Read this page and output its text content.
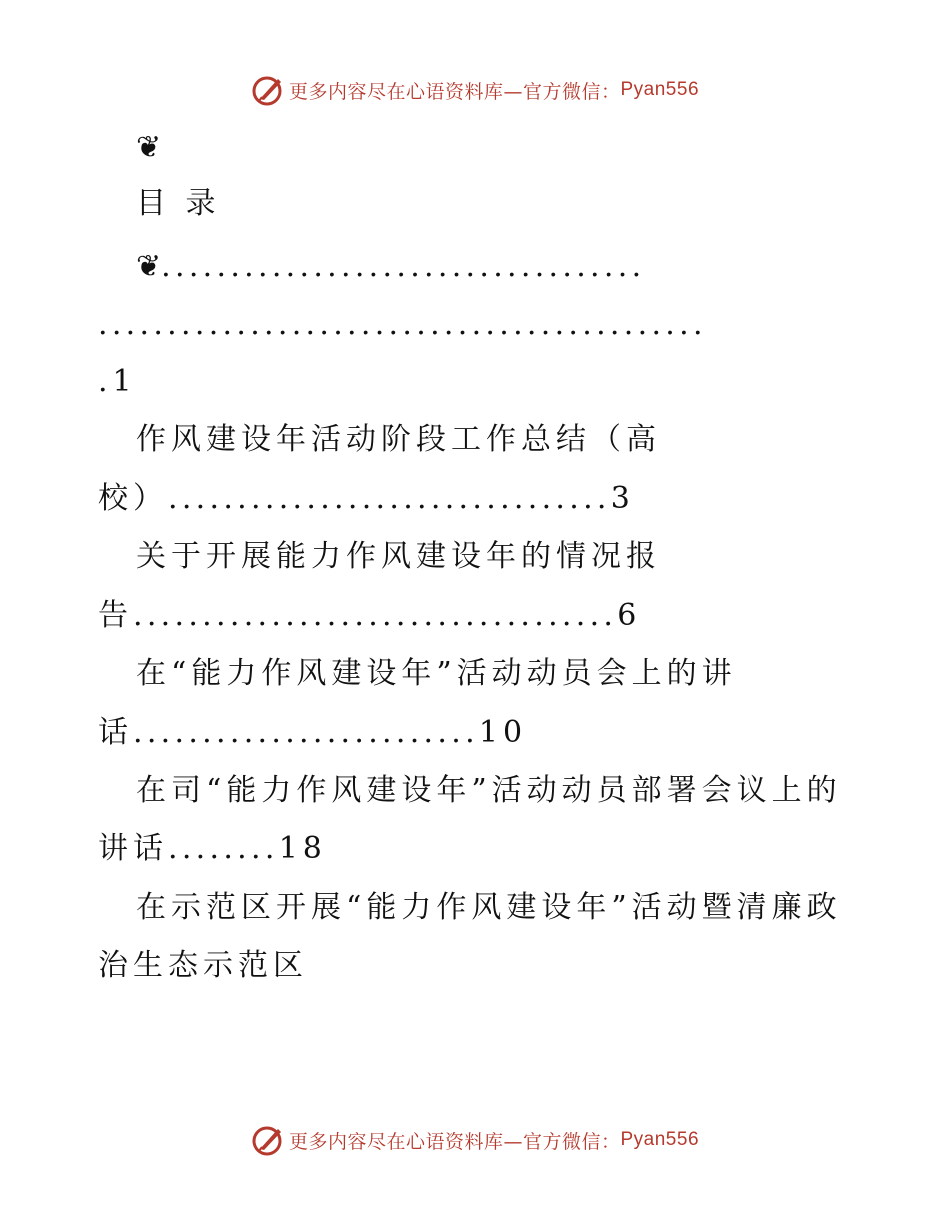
更多内容尽在心语资料库—官方微信： Pyan556
❦
目 录
❦...................................
............................................
.1
作风建设年活动阶段工作总结（高
校）................................3
关于开展能力作风建设年的情况报
告...................................6
在“能力作风建设年”活动动员会上的讲
话.........................10
在司“能力作风建设年”活动动员部署会议上的
讲话........18
在示范区开展“能力作风建设年”活动暨清廉政
治生态示范区
更多内容尽在心语资料库—官方微信： Pyan556
